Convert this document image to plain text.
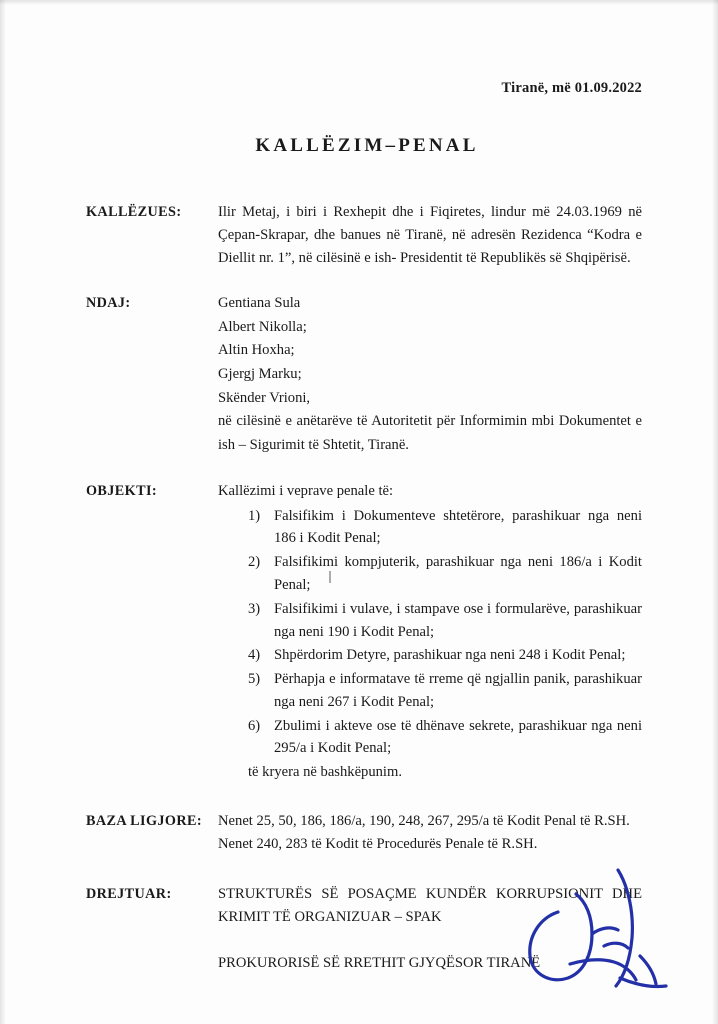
Tiranë, më 01.09.2022
KALLËZIM–PENAL
KALLËZUES:	Ilir Metaj, i biri i Rexhepit dhe i Fiqiretes, lindur më 24.03.1969 në Çepan-Skrapar, dhe banues në Tiranë, në adresën Rezidenca “Kodra e Diellit nr. 1”, në cilësinë e ish- Presidentit të Republikës së Shqipërisë.
NDAJ:	Gentiana Sula

Albert Nikolla;

Altin Hoxha;

Gjergj Marku;

Skënder Vrioni,

në cilësinë e anëtarëve të Autoritetit për Informimin mbi Dokumentet e ish – Sigurimit të Shtetit, Tiranë.

OBJEKTI:	Kallëzimi i veprave penale të:

Falsifikim i Dokumenteve shtetërore, parashikuar nga neni 186 i Kodit Penal;
Falsifikimi kompjuterik, parashikuar nga neni 186/a i Kodit Penal;
Falsifikimi i vulave, i stampave ose i formularëve, parashikuar nga neni 190 i Kodit Penal;
Shpërdorim Detyre, parashikuar nga neni 248 i Kodit Penal;
Përhapja e informatave të rreme që ngjallin panik, parashikuar nga neni 267 i Kodit Penal;
Zbulimi i akteve ose të dhënave sekrete, parashikuar nga neni 295/a i Kodit Penal;

të kryera në bashkëpunim.

BAZA LIGJORE:	Nenet 25, 50, 186, 186/a, 190, 248, 267, 295/a të Kodit Penal të R.SH.

Nenet 240, 283 të Kodit të Procedurës Penale të R.SH.

DREJTUAR:	STRUKTURËS SË POSAÇME KUNDËR KORRUPSIONIT DHE KRIMIT TË ORGANIZUAR – SPAK

PROKURORISË SË RRETHIT GJYQËSOR TIRANË
